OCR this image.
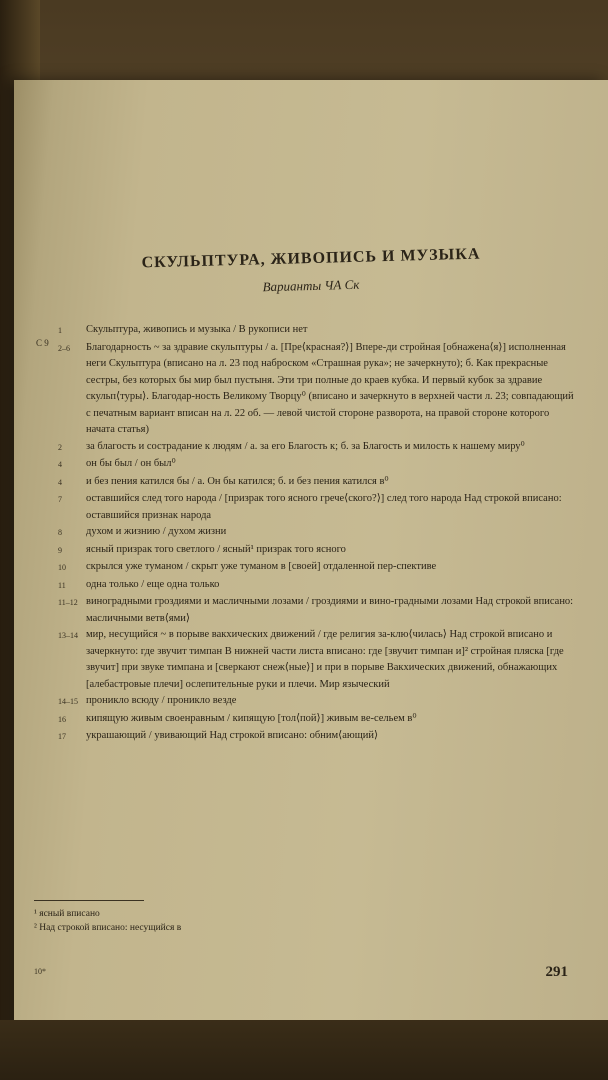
СКУЛЬПТУРА, ЖИВОПИСЬ И МУЗЫКА
Варианты ЧА Ск
С 9
1	Скульптура, живопись и музыка / В рукописи нет
2–6	Благодарность ~ за здравие скульптуры / а. [Пре⟨красная?⟩] Впере-ди стройная [обнажена⟨я⟩] исполненная неги Скульптура (вписано на л. 23 под наброском «Страшная рука»; не зачеркнуто); б. Как прекрасные сестры, без которых бы мир был пустыня. Эти три полные до краев кубка. И первый кубок за здравие скульп⟨туры⟩. Благодар-ность Великому Творцу⁰ (вписано и зачеркнуто в верхней части л. 23; совпадающий с печатным вариант вписан на л. 22 об. — левой чистой стороне разворота, на правой стороне которого начата статья)
2	за благость и сострадание к людям / а. за его Благость к; б. за Благость и милость к нашему миру⁰
4	он бы был / он был⁰
4	и без пения катился бы / а. Он бы катился; б. и без пения катился в⁰
7	оставшийся след того народа / [призрак того ясного грече⟨ского?⟩] след того народа Над строкой вписано: оставшийся признак народа
8	духом и жизнию / духом жизни
9	ясный призрак того светлого / ясный¹ призрак того ясного
10	скрылся уже туманом / скрыт уже туманом в [своей] отдаленной пер-спективе
11	одна только / еще одна только
11–12 виноградными гроздиями и масличными лозами / гроздиями и вино-градными лозами Над строкой вписано: масличными ветв⟨ями⟩
13–14 мир, несущийся ~ в порыве вакхических движений / где религия за-клю⟨чилась⟩ Над строкой вписано и зачеркнуто: где звучит тимпан В нижней части листа вписано: где [звучит тимпан и]² стройная пляска [где звучит] при звуке тимпана и [сверкают снеж⟨ные⟩] и при в порыве Вакхических движений, обнажающих [алебастровые плечи] ослепительные руки и плечи. Мир языческий
14–15 проникло всюду / проникло везде
16	кипящую живым своенравным / кипящую [тол⟨пой⟩] живым ве-сельем в⁰
17	украшающий / увивающий Над строкой вписано: обним⟨ающий⟩
¹ ясный вписано
² Над строкой вписано: несущийся в
10*	291
